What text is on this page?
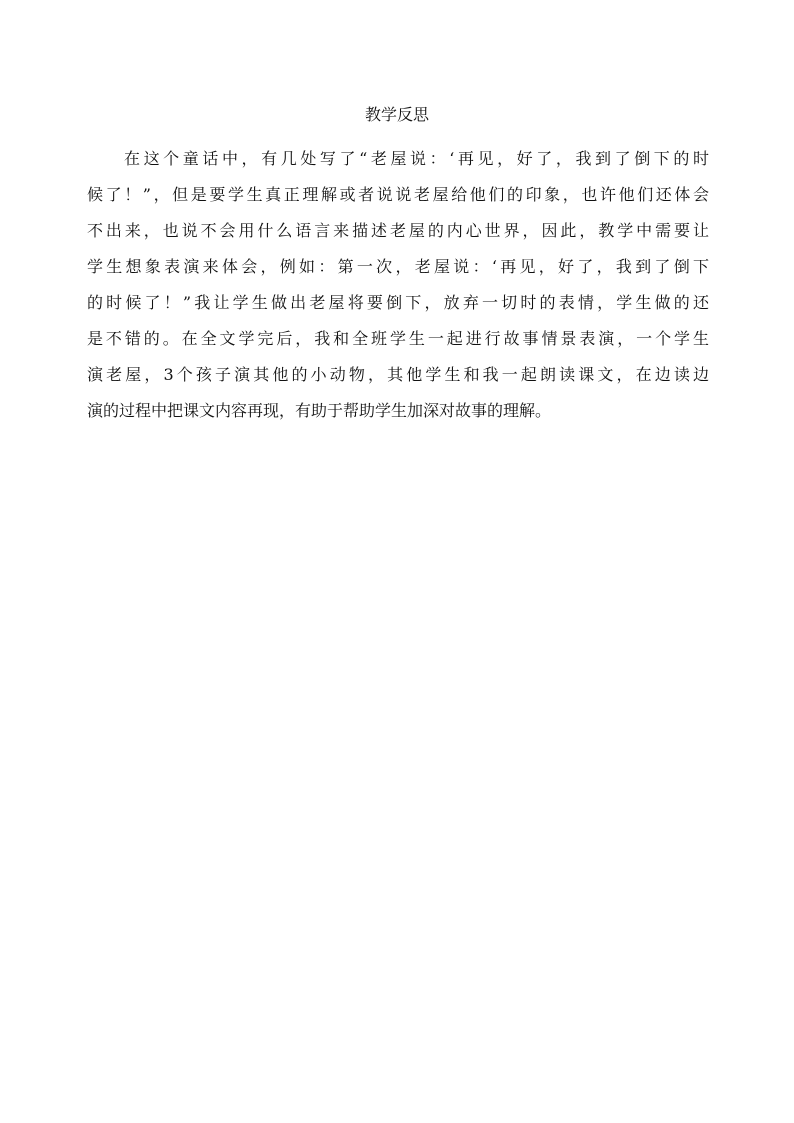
教学反思
在这个童话中，有几处写了“老屋说：‘再见，好了，我到了倒下的时
候了！”，但是要学生真正理解或者说说老屋给他们的印象，也许他们还体会
不出来，也说不会用什么语言来描述老屋的内心世界，因此，教学中需要让
学生想象表演来体会，例如：第一次，老屋说：‘再见，好了，我到了倒下
的时候了！”我让学生做出老屋将要倒下，放弃一切时的表情，学生做的还
是不错的。在全文学完后，我和全班学生一起进行故事情景表演，一个学生
演老屋，3个孩子演其他的小动物，其他学生和我一起朗读课文，在边读边
演的过程中把课文内容再现，有助于帮助学生加深对故事的理解。
